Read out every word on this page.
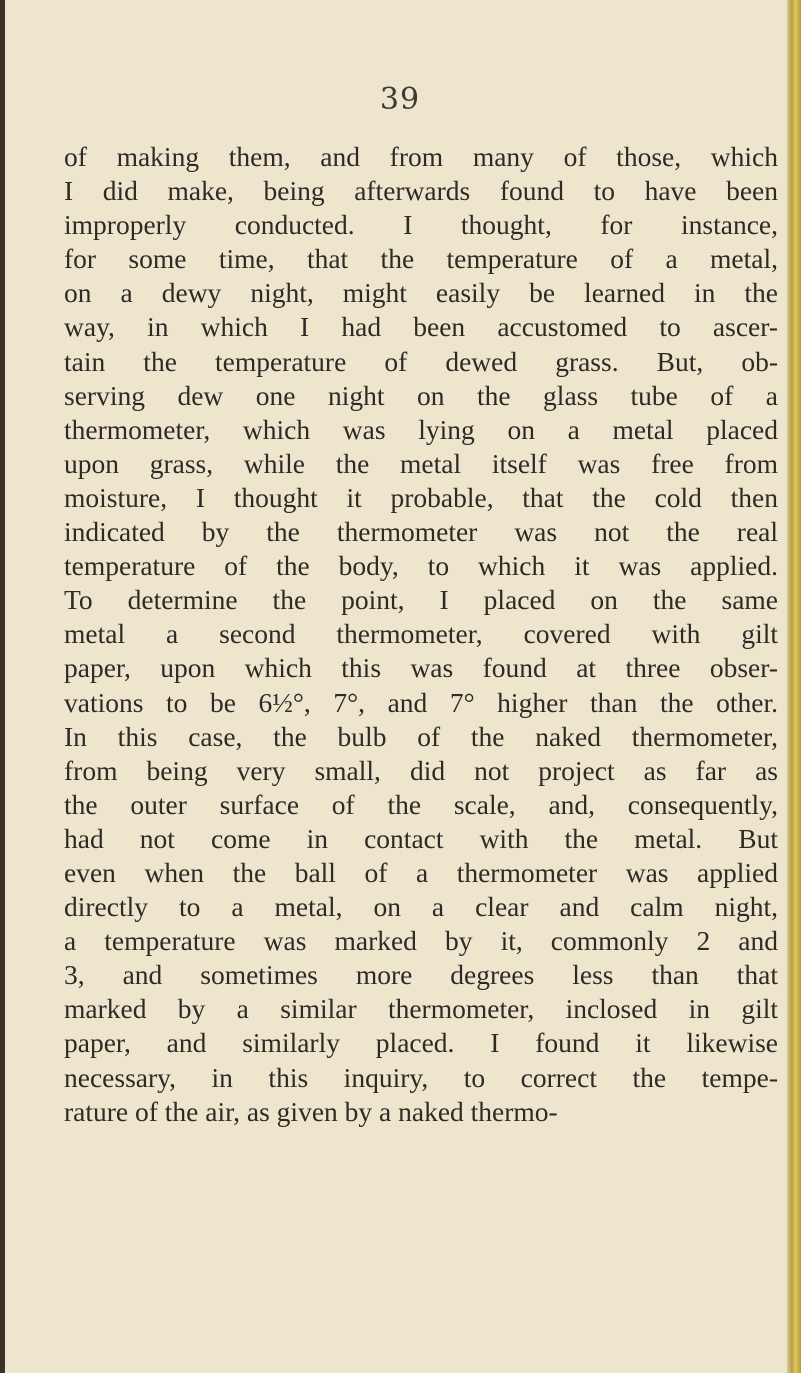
39
of making them, and from many of those, which
I did make, being afterwards found to have been
improperly conducted. I thought, for instance,
for some time, that the temperature of a metal,
on a dewy night, might easily be learned in the
way, in which I had been accustomed to ascer-
tain the temperature of dewed grass. But, ob-
serving dew one night on the glass tube of a
thermometer, which was lying on a metal placed
upon grass, while the metal itself was free from
moisture, I thought it probable, that the cold then
indicated by the thermometer was not the real
temperature of the body, to which it was applied.
To determine the point, I placed on the same
metal a second thermometer, covered with gilt
paper, upon which this was found at three obser-
vations to be 6½°, 7°, and 7° higher than the other.
In this case, the bulb of the naked thermometer,
from being very small, did not project as far as
the outer surface of the scale, and, consequently,
had not come in contact with the metal. But
even when the ball of a thermometer was applied
directly to a metal, on a clear and calm night,
a temperature was marked by it, commonly 2 and
3, and sometimes more degrees less than that
marked by a similar thermometer, inclosed in gilt
paper, and similarly placed. I found it likewise
necessary, in this inquiry, to correct the tempe-
rature of the air, as given by a naked thermo-
